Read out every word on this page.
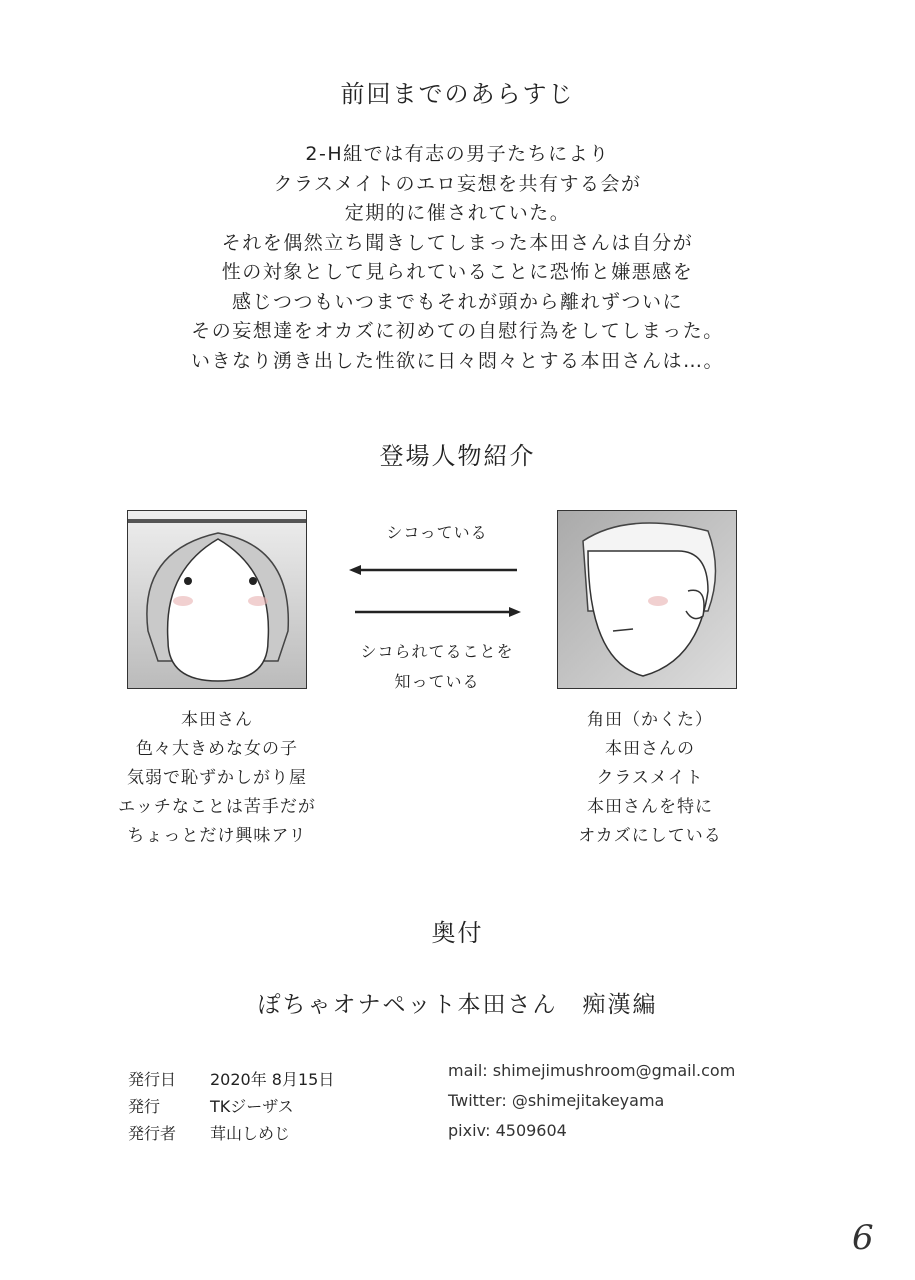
前回までのあらすじ
2-H組では有志の男子たちにより
クラスメイトのエロ妄想を共有する会が
定期的に催されていた。
それを偶然立ち聞きしてしまった本田さんは自分が
性の対象として見られていることに恐怖と嫌悪感を
感じつつもいつまでもそれが頭から離れずついに
その妄想達をオカズに初めての自慰行為をしてしまった。
いきなり湧き出した性欲に日々悶々とする本田さんは…。
登場人物紹介
シコっている
シコられてることを
知っている
本田さん
色々大きめな女の子
気弱で恥ずかしがり屋
エッチなことは苦手だが
ちょっとだけ興味アリ
角田（かくた）
本田さんの
クラスメイト
本田さんを特に
オカズにしている
奥付
ぽちゃオナペット本田さん　痴漢編
発行日	2020年 8月15日
発行	TKジーザス
発行者	茸山しめじ
mail: shimejimushroom@gmail.com
Twitter: @shimejitakeyama
pixiv: 4509604
6
